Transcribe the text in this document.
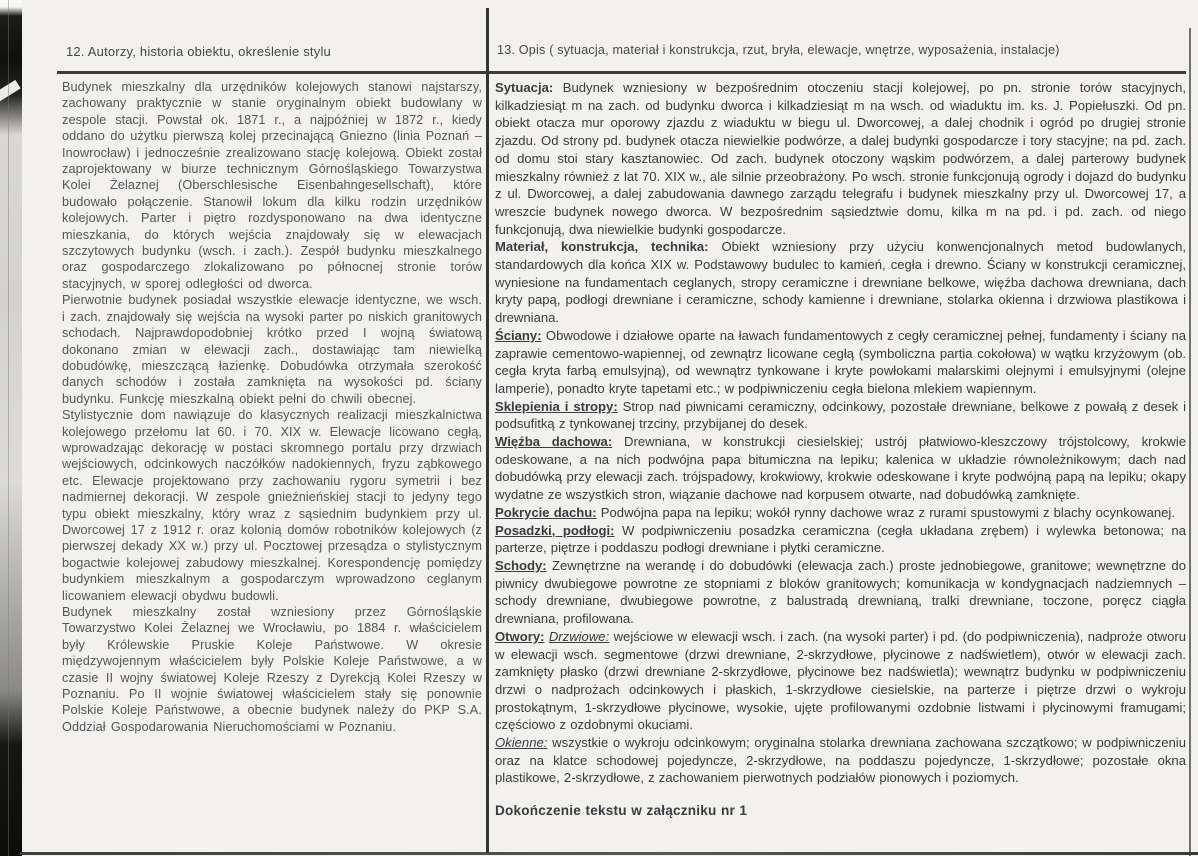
12. Autorzy, historia obiektu, określenie stylu	13. Opis ( sytuacja, materiał i konstrukcja, rzut, bryła, elewacje, wnętrze, wyposażenia, instalacje)

Budynek mieszkalny dla urzędników kolejowych stanowi najstarszy, zachowany praktycznie w stanie oryginalnym obiekt budowlany w zespole stacji. Powstał ok. 1871 r., a najpóźniej w 1872 r., kiedy oddano do użytku pierwszą kolej przecinającą Gniezno (linia Poznań – Inowrocław) i jednocześnie zrealizowano stację kolejową. Obiekt został zaprojektowany w biurze technicznym Górnośląskiego Towarzystwa Kolei Żelaznej (Oberschlesische Eisenbahngesellschaft), które budowało połączenie. Stanowił lokum dla kilku rodzin urzędników kolejowych. Parter i piętro rozdysponowano na dwa identyczne mieszkania, do których wejścia znajdowały się w elewacjach szczytowych budynku (wsch. i zach.). Zespół budynku mieszkalnego oraz gospodarczego zlokalizowano po północnej stronie torów stacyjnych, w sporej odległości od dworca.

Pierwotnie budynek posiadał wszystkie elewacje identyczne, we wsch. i zach. znajdowały się wejścia na wysoki parter po niskich granitowych schodach. Najprawdopodobniej krótko przed I wojną światową dokonano zmian w elewacji zach., dostawiając tam niewielką dobudówkę, mieszczącą łazienkę. Dobudówka otrzymała szerokość danych schodów i została zamknięta na wysokości pd. ściany budynku. Funkcję mieszkalną obiekt pełni do chwili obecnej.

Stylistycznie dom nawiązuje do klasycznych realizacji mieszkalnictwa kolejowego przełomu lat 60. i 70. XIX w. Elewacje licowano cegłą, wprowadzając dekorację w postaci skromnego portalu przy drzwiach wejściowych, odcinkowych naczółków nadokiennych, fryzu ząbkowego etc. Elewacje projektowano przy zachowaniu rygoru symetrii i bez nadmiernej dekoracji. W zespole gnieźnieńskiej stacji to jedyny tego typu obiekt mieszkalny, który wraz z sąsiednim budynkiem przy ul. Dworcowej 17 z 1912 r. oraz kolonią domów robotników kolejowych (z pierwszej dekady XX w.) przy ul. Pocztowej przesądza o stylistycznym bogactwie kolejowej zabudowy mieszkalnej. Korespondencję pomiędzy budynkiem mieszkalnym a gospodarczym wprowadzono ceglanym licowaniem elewacji obydwu budowli.

Budynek mieszkalny został wzniesiony przez Górnośląskie Towarzystwo Kolei Żelaznej we Wrocławiu, po 1884 r. właścicielem były Królewskie Pruskie Koleje Państwowe. W okresie międzywojennym właścicielem były Polskie Koleje Państwowe, a w czasie II wojny światowej Koleje Rzeszy z Dyrekcją Kolei Rzeszy w Poznaniu. Po II wojnie światowej właścicielem stały się ponownie Polskie Koleje Państwowe, a obecnie budynek należy do PKP S.A. Oddział Gospodarowania Nieruchomościami w Poznaniu.

Sytuacja: Budynek wzniesiony w bezpośrednim otoczeniu stacji kolejowej, po pn. stronie torów stacyjnych, kilkadziesiąt m na zach. od budynku dworca i kilkadziesiąt m na wsch. od wiaduktu im. ks. J. Popiełuszki. Od pn. obiekt otacza mur oporowy zjazdu z wiaduktu w biegu ul. Dworcowej, a dalej chodnik i ogród po drugiej stronie zjazdu. Od strony pd. budynek otacza niewielkie podwórze, a dalej budynki gospodarcze i tory stacyjne; na pd. zach. od domu stoi stary kasztanowiec. Od zach. budynek otoczony wąskim podwórzem, a dalej parterowy budynek mieszkalny również z lat 70. XIX w., ale silnie przeobrażony. Po wsch. stronie funkcjonują ogrody i dojazd do budynku z ul. Dworcowej, a dalej zabudowania dawnego zarządu telegrafu i budynek mieszkalny przy ul. Dworcowej 17, a wreszcie budynek nowego dworca. W bezpośrednim sąsiedztwie domu, kilka m na pd. i pd. zach. od niego funkcjonują, dwa niewielkie budynki gospodarcze.

Materiał, konstrukcja, technika: Obiekt wzniesiony przy użyciu konwencjonalnych metod budowlanych, standardowych dla końca XIX w. Podstawowy budulec to kamień, cegła i drewno. Ściany w konstrukcji ceramicznej, wyniesione na fundamentach ceglanych, stropy ceramiczne i drewniane belkowe, więźba dachowa drewniana, dach kryty papą, podłogi drewniane i ceramiczne, schody kamienne i drewniane, stolarka okienna i drzwiowa plastikowa i drewniana.

Ściany: Obwodowe i działowe oparte na ławach fundamentowych z cegły ceramicznej pełnej, fundamenty i ściany na zaprawie cementowo-wapiennej, od zewnątrz licowane cegłą (symboliczna partia cokołowa) w wątku krzyżowym (ob. cegła kryta farbą emulsyjną), od wewnątrz tynkowane i kryte powłokami malarskimi olejnymi i emulsyjnymi (olejne lamperie), ponadto kryte tapetami etc.; w podpiwniczeniu cegła bielona mlekiem wapiennym.

Sklepienia i stropy: Strop nad piwnicami ceramiczny, odcinkowy, pozostałe drewniane, belkowe z powałą z desek i podsufitką z tynkowanej trzciny, przybijanej do desek.

Więźba dachowa: Drewniana, w konstrukcji ciesielskiej; ustrój płatwiowo-kleszczowy trójstolcowy, krokwie odeskowane, a na nich podwójna papa bitumiczna na lepiku; kalenica w układzie równoleżnikowym; dach nad dobudówką przy elewacji zach. trójspadowy, krokwiowy, krokwie odeskowane i kryte podwójną papą na lepiku; okapy wydatne ze wszystkich stron, wiązanie dachowe nad korpusem otwarte, nad dobudówką zamknięte.

Pokrycie dachu: Podwójna papa na lepiku; wokół rynny dachowe wraz z rurami spustowymi z blachy ocynkowanej.

Posadzki, podłogi: W podpiwniczeniu posadzka ceramiczna (cegła układana zrębem) i wylewka betonowa; na parterze, piętrze i poddaszu podłogi drewniane i płytki ceramiczne.

Schody: Zewnętrzne na werandę i do dobudówki (elewacja zach.) proste jednobiegowe, granitowe; wewnętrzne do piwnicy dwubiegowe powrotne ze stopniami z bloków granitowych; komunikacja w kondygnacjach nadziemnych – schody drewniane, dwubiegowe powrotne, z balustradą drewnianą, tralki drewniane, toczone, poręcz ciągła drewniana, profilowana.

Otwory: Drzwiowe: wejściowe w elewacji wsch. i zach. (na wysoki parter) i pd. (do podpiwniczenia), nadproże otworu w elewacji wsch. segmentowe (drzwi drewniane, 2-skrzydłowe, płycinowe z nadświetlem), otwór w elewacji zach. zamknięty płasko (drzwi drewniane 2-skrzydłowe, płycinowe bez nadświetla); wewnątrz budynku w podpiwniczeniu drzwi o nadprożach odcinkowych i płaskich, 1-skrzydłowe ciesielskie, na parterze i piętrze drzwi o wykroju prostokątnym, 1-skrzydłowe płycinowe, wysokie, ujęte profilowanymi ozdobnie listwami i płycinowymi framugami; częściowo z ozdobnymi okuciami.

Okienne: wszystkie o wykroju odcinkowym; oryginalna stolarka drewniana zachowana szczątkowo; w podpiwniczeniu oraz na klatce schodowej pojedyncze, 2-skrzydłowe, na poddaszu pojedyncze, 1-skrzydłowe; pozostałe okna plastikowe, 2-skrzydłowe, z zachowaniem pierwotnych podziałów pionowych i poziomych.

Dokończenie tekstu w załączniku nr 1
